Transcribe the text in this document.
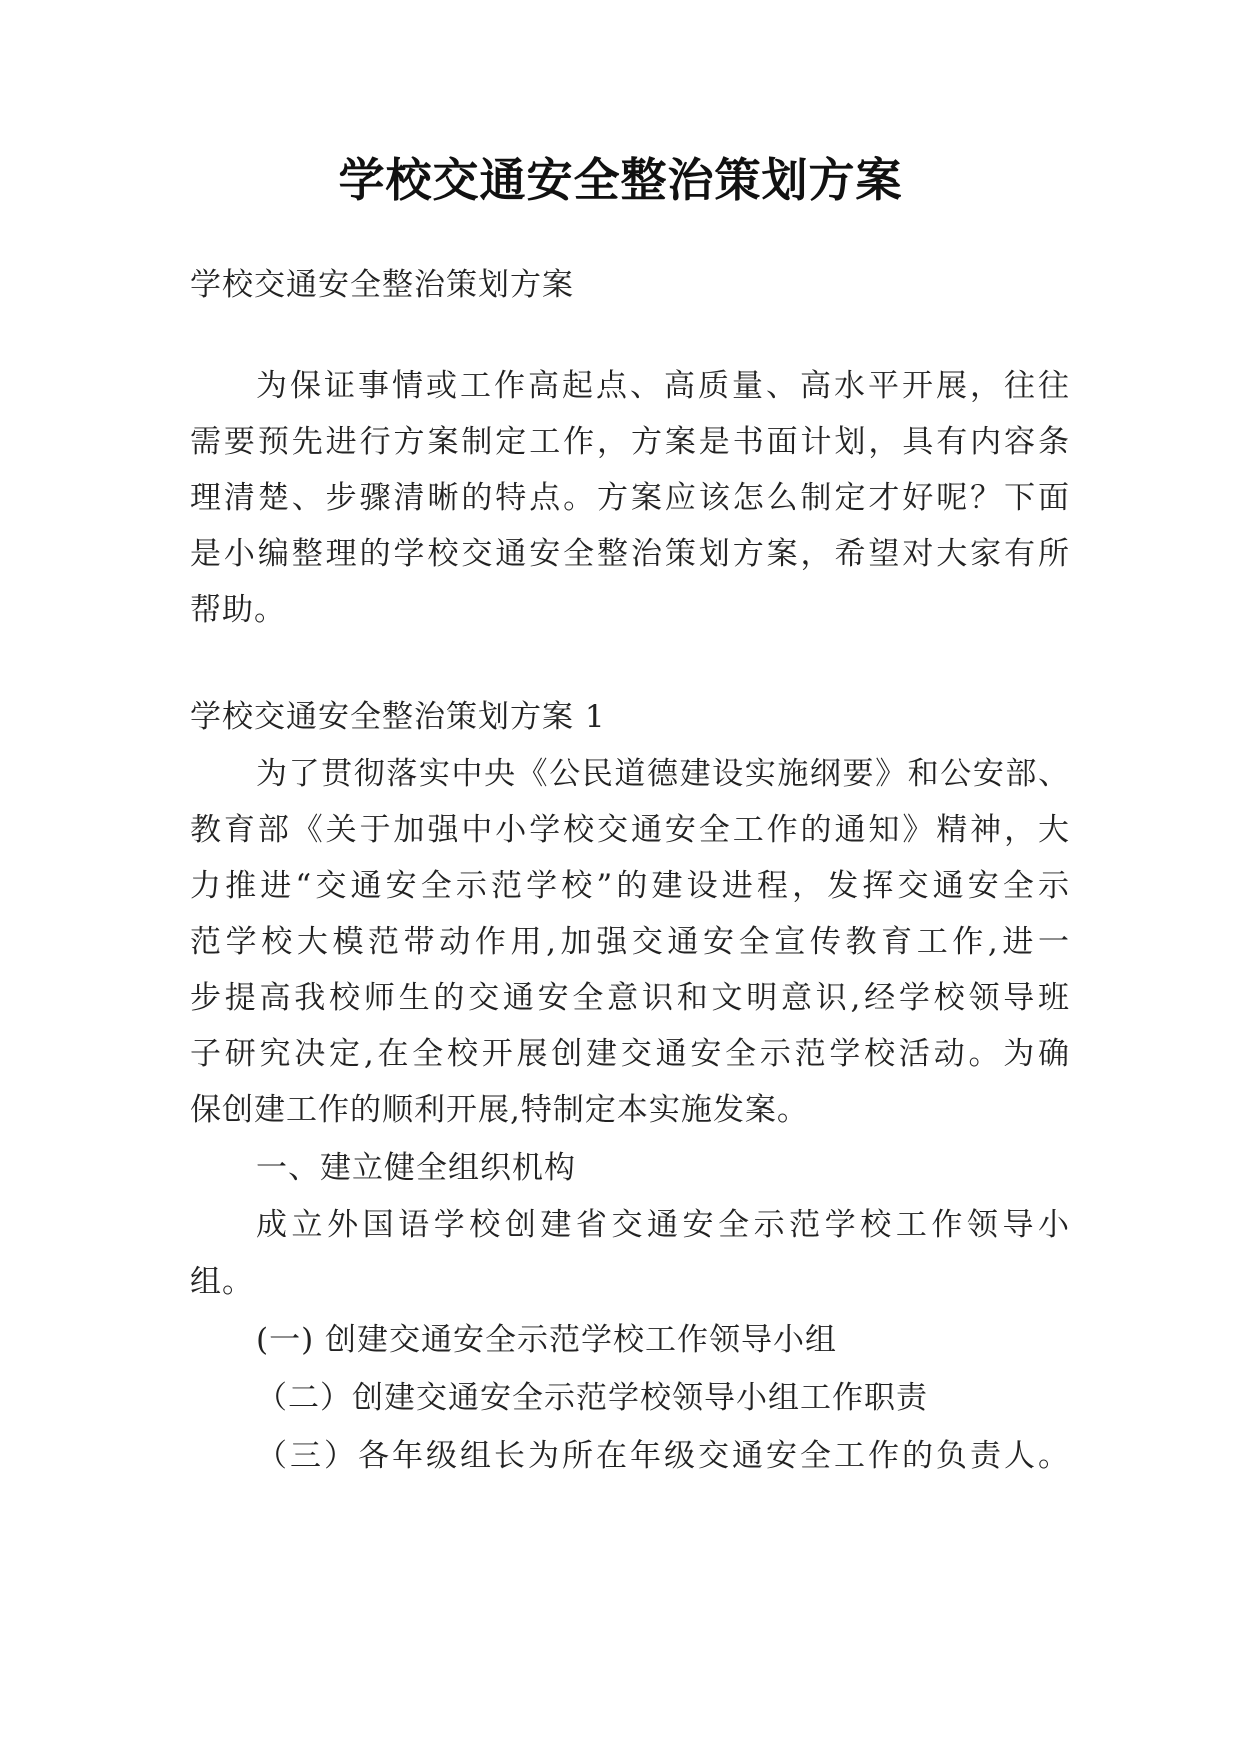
学校交通安全整治策划方案
学校交通安全整治策划方案
为保证事情或工作高起点、高质量、高水平开展，往往
需要预先进行方案制定工作，方案是书面计划，具有内容条
理清楚、步骤清晰的特点。方案应该怎么制定才好呢？下面
是小编整理的学校交通安全整治策划方案，希望对大家有所
帮助。
学校交通安全整治策划方案 1
为了贯彻落实中央《公民道德建设实施纲要》和公安部、
教育部《关于加强中小学校交通安全工作的通知》精神，大
力推进“交通安全示范学校”的建设进程，发挥交通安全示
范学校大模范带动作用,加强交通安全宣传教育工作,进一
步提高我校师生的交通安全意识和文明意识,经学校领导班
子研究决定,在全校开展创建交通安全示范学校活动。为确
保创建工作的顺利开展,特制定本实施发案。
一、建立健全组织机构
成立外国语学校创建省交通安全示范学校工作领导小
组。
(一) 创建交通安全示范学校工作领导小组
（二）创建交通安全示范学校领导小组工作职责
（三）各年级组长为所在年级交通安全工作的负责人。
